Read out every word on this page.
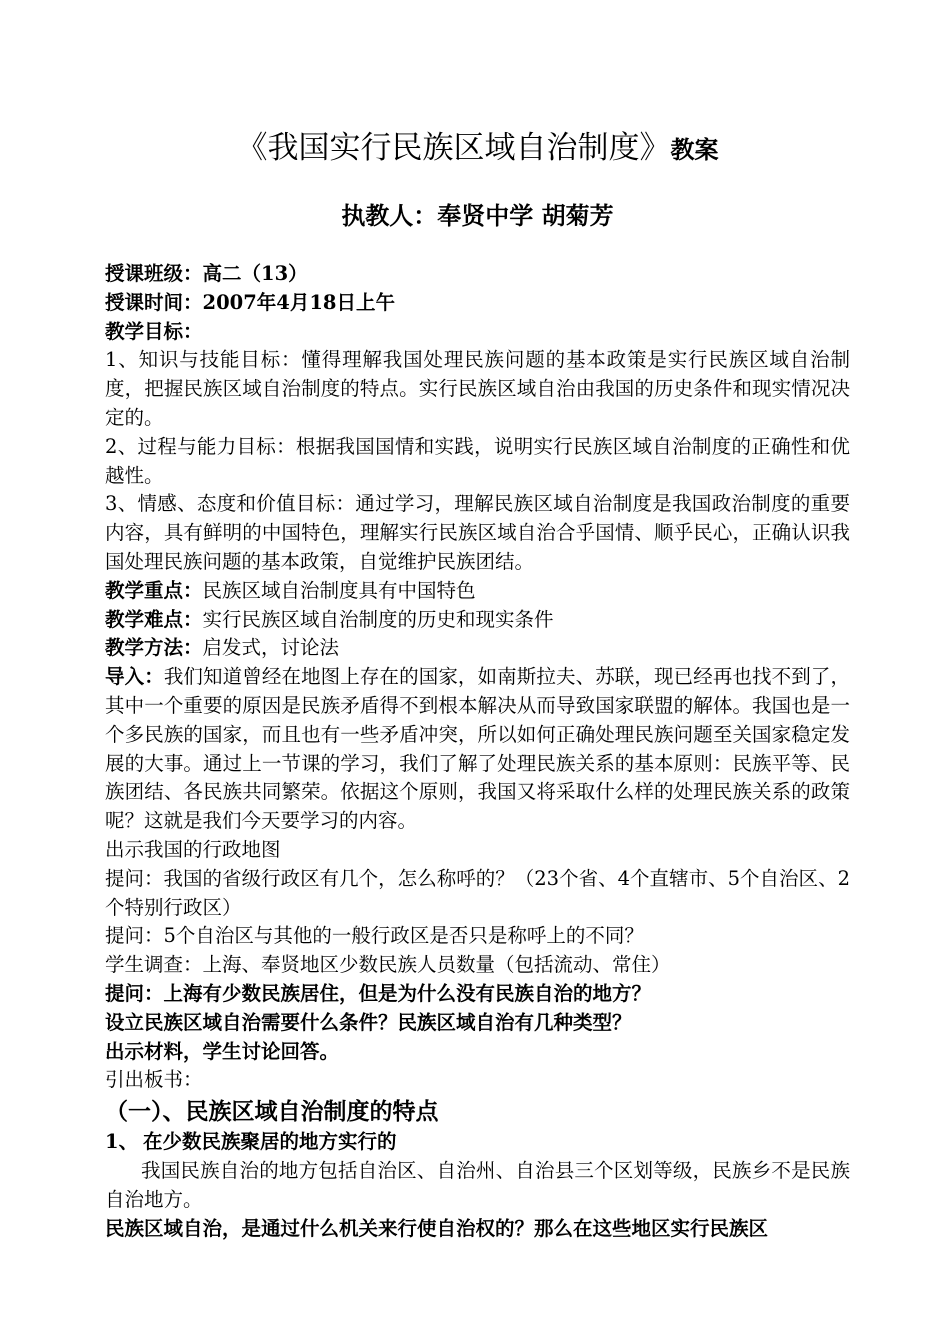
《我国实行民族区域自治制度》教案
执教人：奉贤中学 胡菊芳

授课班级：高二（13）

授课时间：2007年4月18日上午

教学目标：

1、知识与技能目标：懂得理解我国处理民族问题的基本政策是实行民族区域自治制度，把握民族区域自治制度的特点。实行民族区域自治由我国的历史条件和现实情况决定的。

2、过程与能力目标：根据我国国情和实践，说明实行民族区域自治制度的正确性和优越性。

3、情感、态度和价值目标：通过学习，理解民族区域自治制度是我国政治制度的重要内容，具有鲜明的中国特色，理解实行民族区域自治合乎国情、顺乎民心，正确认识我国处理民族问题的基本政策，自觉维护民族团结。

教学重点：民族区域自治制度具有中国特色

教学难点：实行民族区域自治制度的历史和现实条件

教学方法：启发式，讨论法

导入：我们知道曾经在地图上存在的国家，如南斯拉夫、苏联，现已经再也找不到了，其中一个重要的原因是民族矛盾得不到根本解决从而导致国家联盟的解体。我国也是一个多民族的国家，而且也有一些矛盾冲突，所以如何正确处理民族问题至关国家稳定发展的大事。通过上一节课的学习，我们了解了处理民族关系的基本原则：民族平等、民族团结、各民族共同繁荣。依据这个原则，我国又将采取什么样的处理民族关系的政策呢？这就是我们今天要学习的内容。

出示我国的行政地图

提问：我国的省级行政区有几个，怎么称呼的？（23个省、4个直辖市、5个自治区、2个特别行政区）

提问：5个自治区与其他的一般行政区是否只是称呼上的不同？

学生调查：上海、奉贤地区少数民族人员数量（包括流动、常住）

提问：上海有少数民族居住，但是为什么没有民族自治的地方？

设立民族区域自治需要什么条件？民族区域自治有几种类型？

出示材料，学生讨论回答。

引出板书：

（一）、民族区域自治制度的特点

1、 在少数民族聚居的地方实行的

我国民族自治的地方包括自治区、自治州、自治县三个区划等级，民族乡不是民族自治地方。

民族区域自治，是通过什么机关来行使自治权的？那么在这些地区实行民族区
